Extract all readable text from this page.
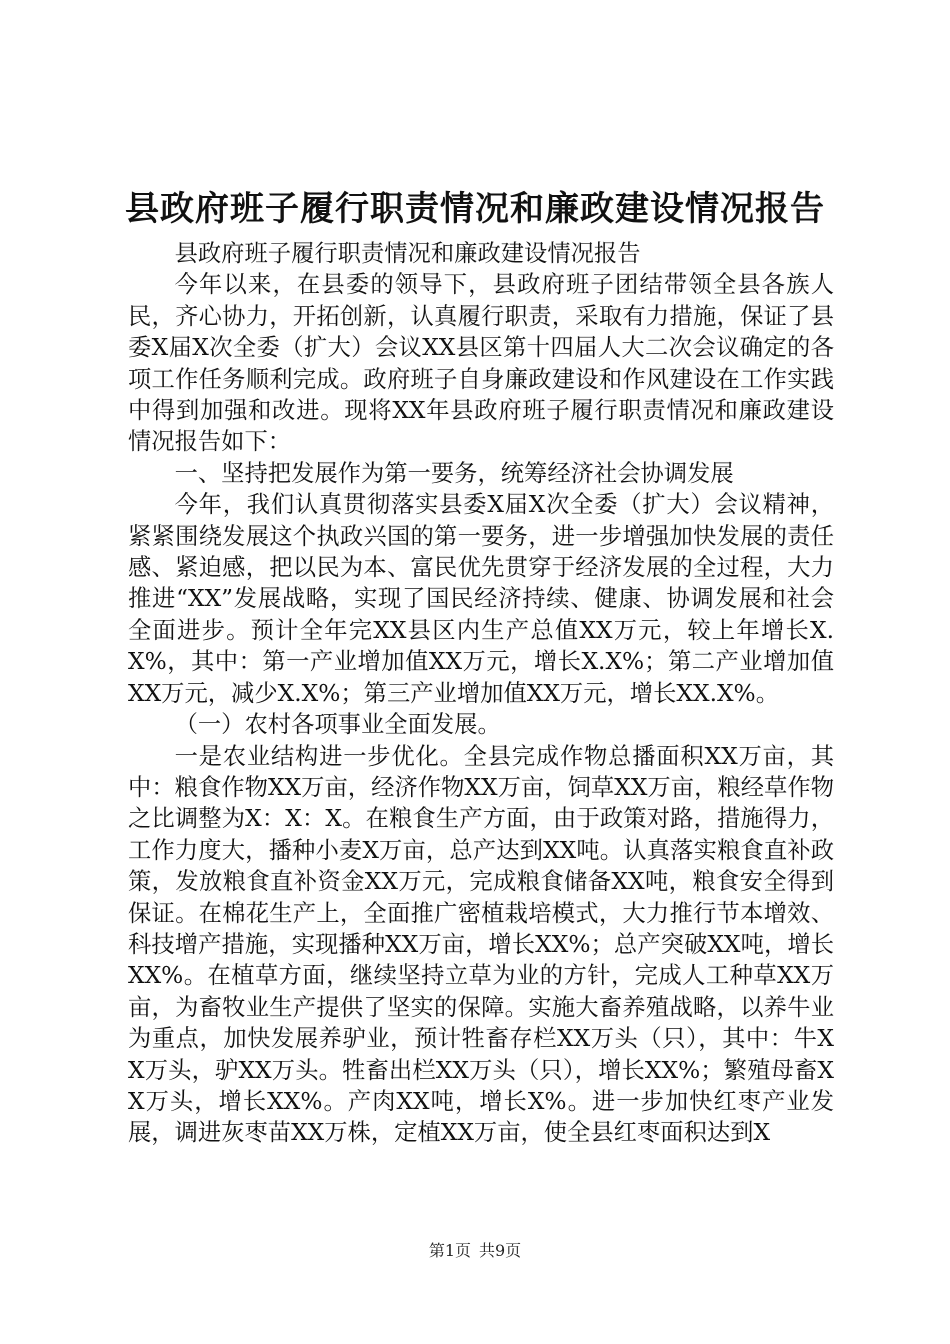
县政府班子履行职责情况和廉政建设情况报告

县政府班子履行职责情况和廉政建设情况报告

今年以来，在县委的领导下，县政府班子团结带领全县各族人民，齐心协力，开拓创新，认真履行职责，采取有力措施，保证了县委X届X次全委（扩大）会议XX县区第十四届人大二次会议确定的各项工作任务顺利完成。政府班子自身廉政建设和作风建设在工作实践中得到加强和改进。现将XX年县政府班子履行职责情况和廉政建设情况报告如下：

一、坚持把发展作为第一要务，统筹经济社会协调发展

今年，我们认真贯彻落实县委X届X次全委（扩大）会议精神，紧紧围绕发展这个执政兴国的第一要务，进一步增强加快发展的责任感、紧迫感，把以民为本、富民优先贯穿于经济发展的全过程，大力推进“XX”发展战略，实现了国民经济持续、健康、协调发展和社会全面进步。预计全年完XX县区内生产总值XX万元，较上年增长X.X%，其中：第一产业增加值XX万元，增长X.X%；第二产业增加值XX万元，减少X.X%；第三产业增加值XX万元，增长XX.X%。

（一）农村各项事业全面发展。

一是农业结构进一步优化。全县完成作物总播面积XX万亩，其中：粮食作物XX万亩，经济作物XX万亩，饲草XX万亩，粮经草作物之比调整为X：X：X。在粮食生产方面，由于政策对路，措施得力，工作力度大，播种小麦X万亩，总产达到XX吨。认真落实粮食直补政策，发放粮食直补资金XX万元，完成粮食储备XX吨，粮食安全得到保证。在棉花生产上，全面推广密植栽培模式，大力推行节本增效、科技增产措施，实现播种XX万亩，增长XX%；总产突破XX吨，增长XX%。在植草方面，继续坚持立草为业的方针，完成人工种草XX万亩，为畜牧业生产提供了坚实的保障。实施大畜养殖战略，以养牛业为重点，加快发展养驴业，预计牲畜存栏XX万头（只），其中：牛XX万头，驴XX万头。牲畜出栏XX万头（只），增长XX%；繁殖母畜XX万头，增长XX%。产肉XX吨，增长X%。进一步加快红枣产业发展，调进灰枣苗XX万株，定植XX万亩，使全县红枣面积达到X

第1页 共9页
